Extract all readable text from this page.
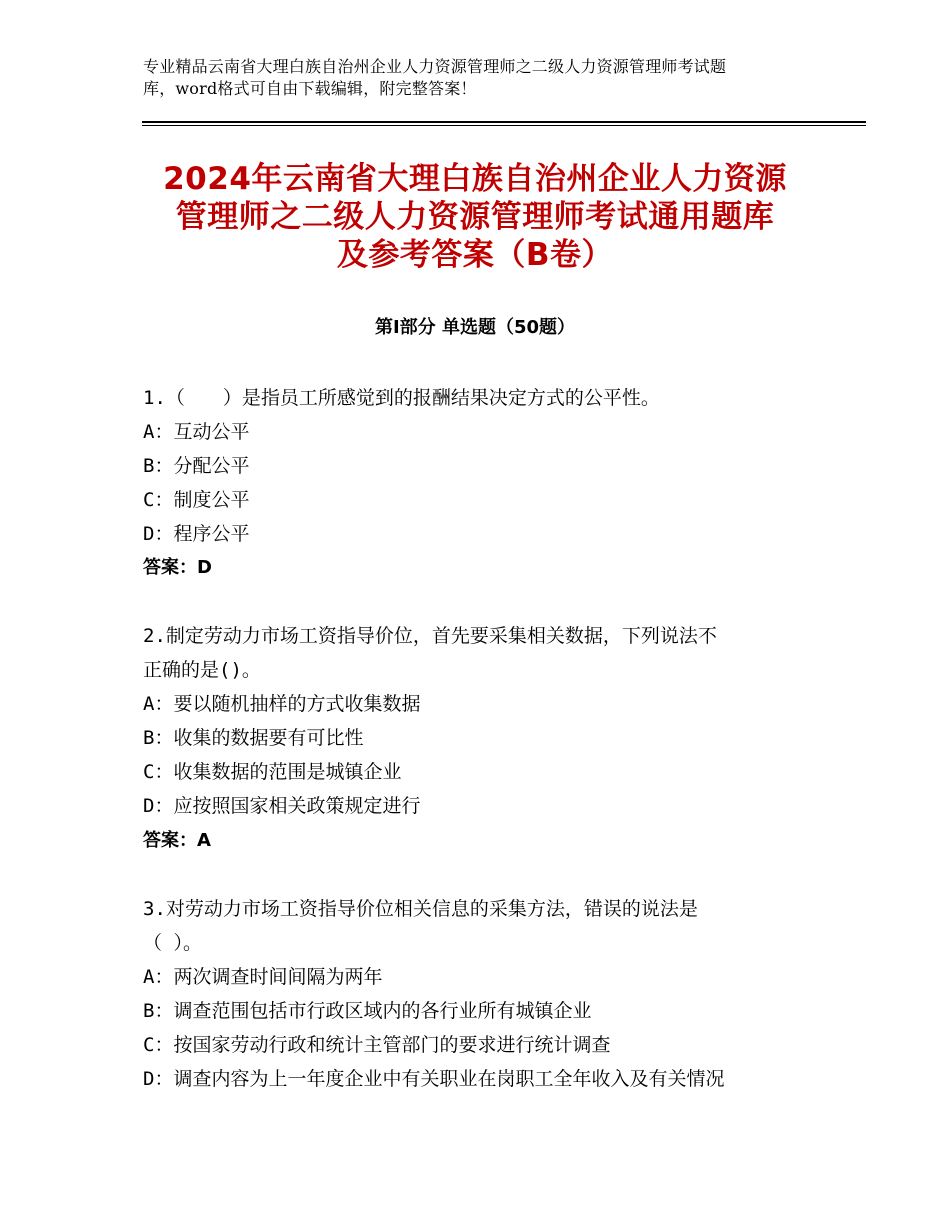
专业精品云南省大理白族自治州企业人力资源管理师之二级人力资源管理师考试题
库，word格式可自由下载编辑，附完整答案！
2024年云南省大理白族自治州企业人力资源
管理师之二级人力资源管理师考试通用题库
及参考答案（B卷）
第Ⅰ部分 单选题（50题）
1.（　　）是指员工所感觉到的报酬结果决定方式的公平性。
A：互动公平
B：分配公平
C：制度公平
D：程序公平
答案：D
2.制定劳动力市场工资指导价位，首先要采集相关数据，下列说法不
正确的是()。
A：要以随机抽样的方式收集数据
B：收集的数据要有可比性
C：收集数据的范围是城镇企业
D：应按照国家相关政策规定进行
答案：A
3.对劳动力市场工资指导价位相关信息的采集方法，错误的说法是
（ ）。
A：两次调查时间间隔为两年
B：调查范围包括市行政区域内的各行业所有城镇企业
C：按国家劳动行政和统计主管部门的要求进行统计调查
D：调查内容为上一年度企业中有关职业在岗职工全年收入及有关情况
